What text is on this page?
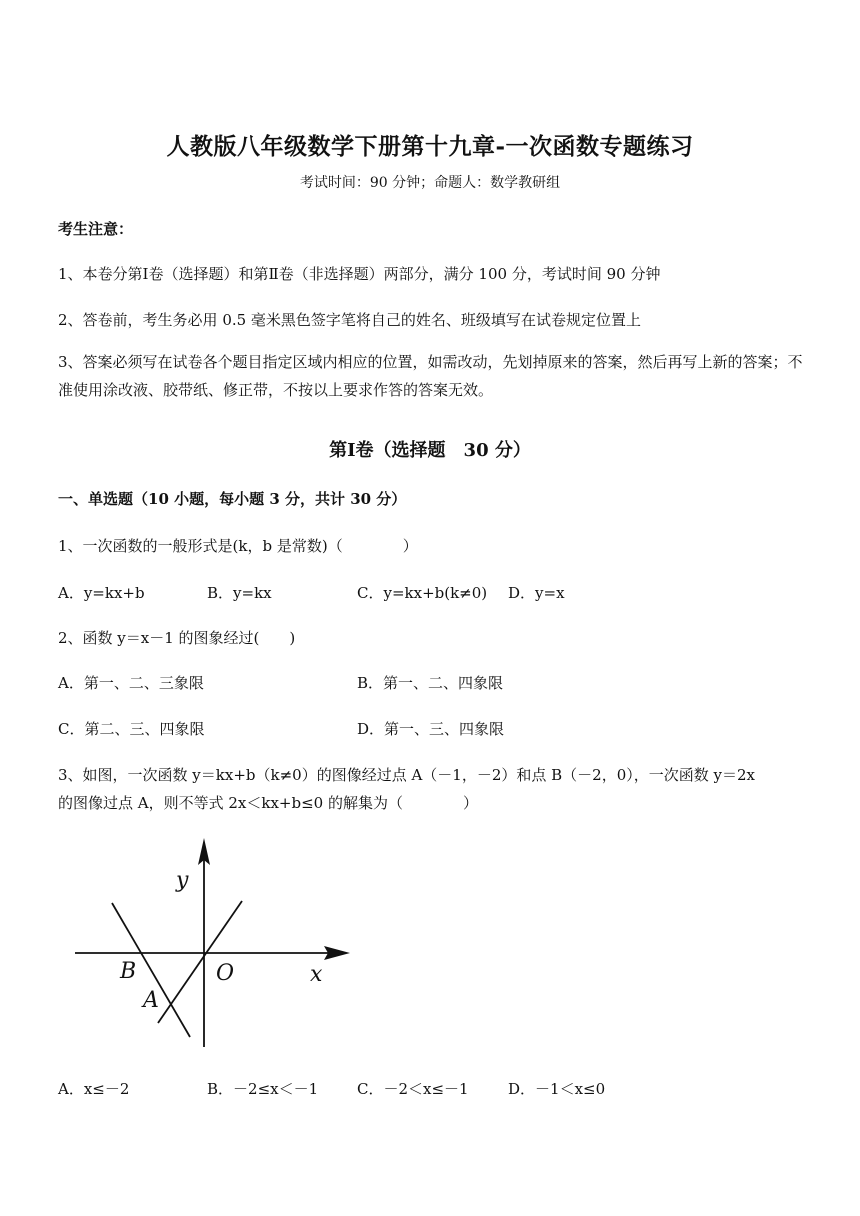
人教版八年级数学下册第十九章-一次函数专题练习
考试时间：90 分钟；命题人：数学教研组
考生注意：
1、本卷分第Ⅰ卷（选择题）和第Ⅱ卷（非选择题）两部分，满分 100 分，考试时间 90 分钟
2、答卷前，考生务必用 0.5 毫米黑色签字笔将自己的姓名、班级填写在试卷规定位置上
3、答案必须写在试卷各个题目指定区域内相应的位置，如需改动，先划掉原来的答案，然后再写上新的答案；不准使用涂改液、胶带纸、修正带，不按以上要求作答的答案无效。
第Ⅰ卷（选择题　30 分）
一、单选题（10 小题，每小题 3 分，共计 30 分）
1、一次函数的一般形式是(k，b 是常数)（　　　　）
A．y=kx+b	B．y=kx	C．y=kx+b(k≠0) D．y=x
2、函数 y＝x－1 的图象经过(　　)
A．第一、二、三象限	B．第一、二、四象限
C．第二、三、四象限	D．第一、三、四象限
3、如图，一次函数 y＝kx+b（k≠0）的图像经过点 A（－1，－2）和点 B（－2，0），一次函数 y＝2x
的图像过点 A，则不等式 2x＜kx+b≤0 的解集为（　　　　）
y
x
O
B
A
A．x≤－2	B．－2≤x＜－1	C．－2＜x≤－1	D．－1＜x≤0
